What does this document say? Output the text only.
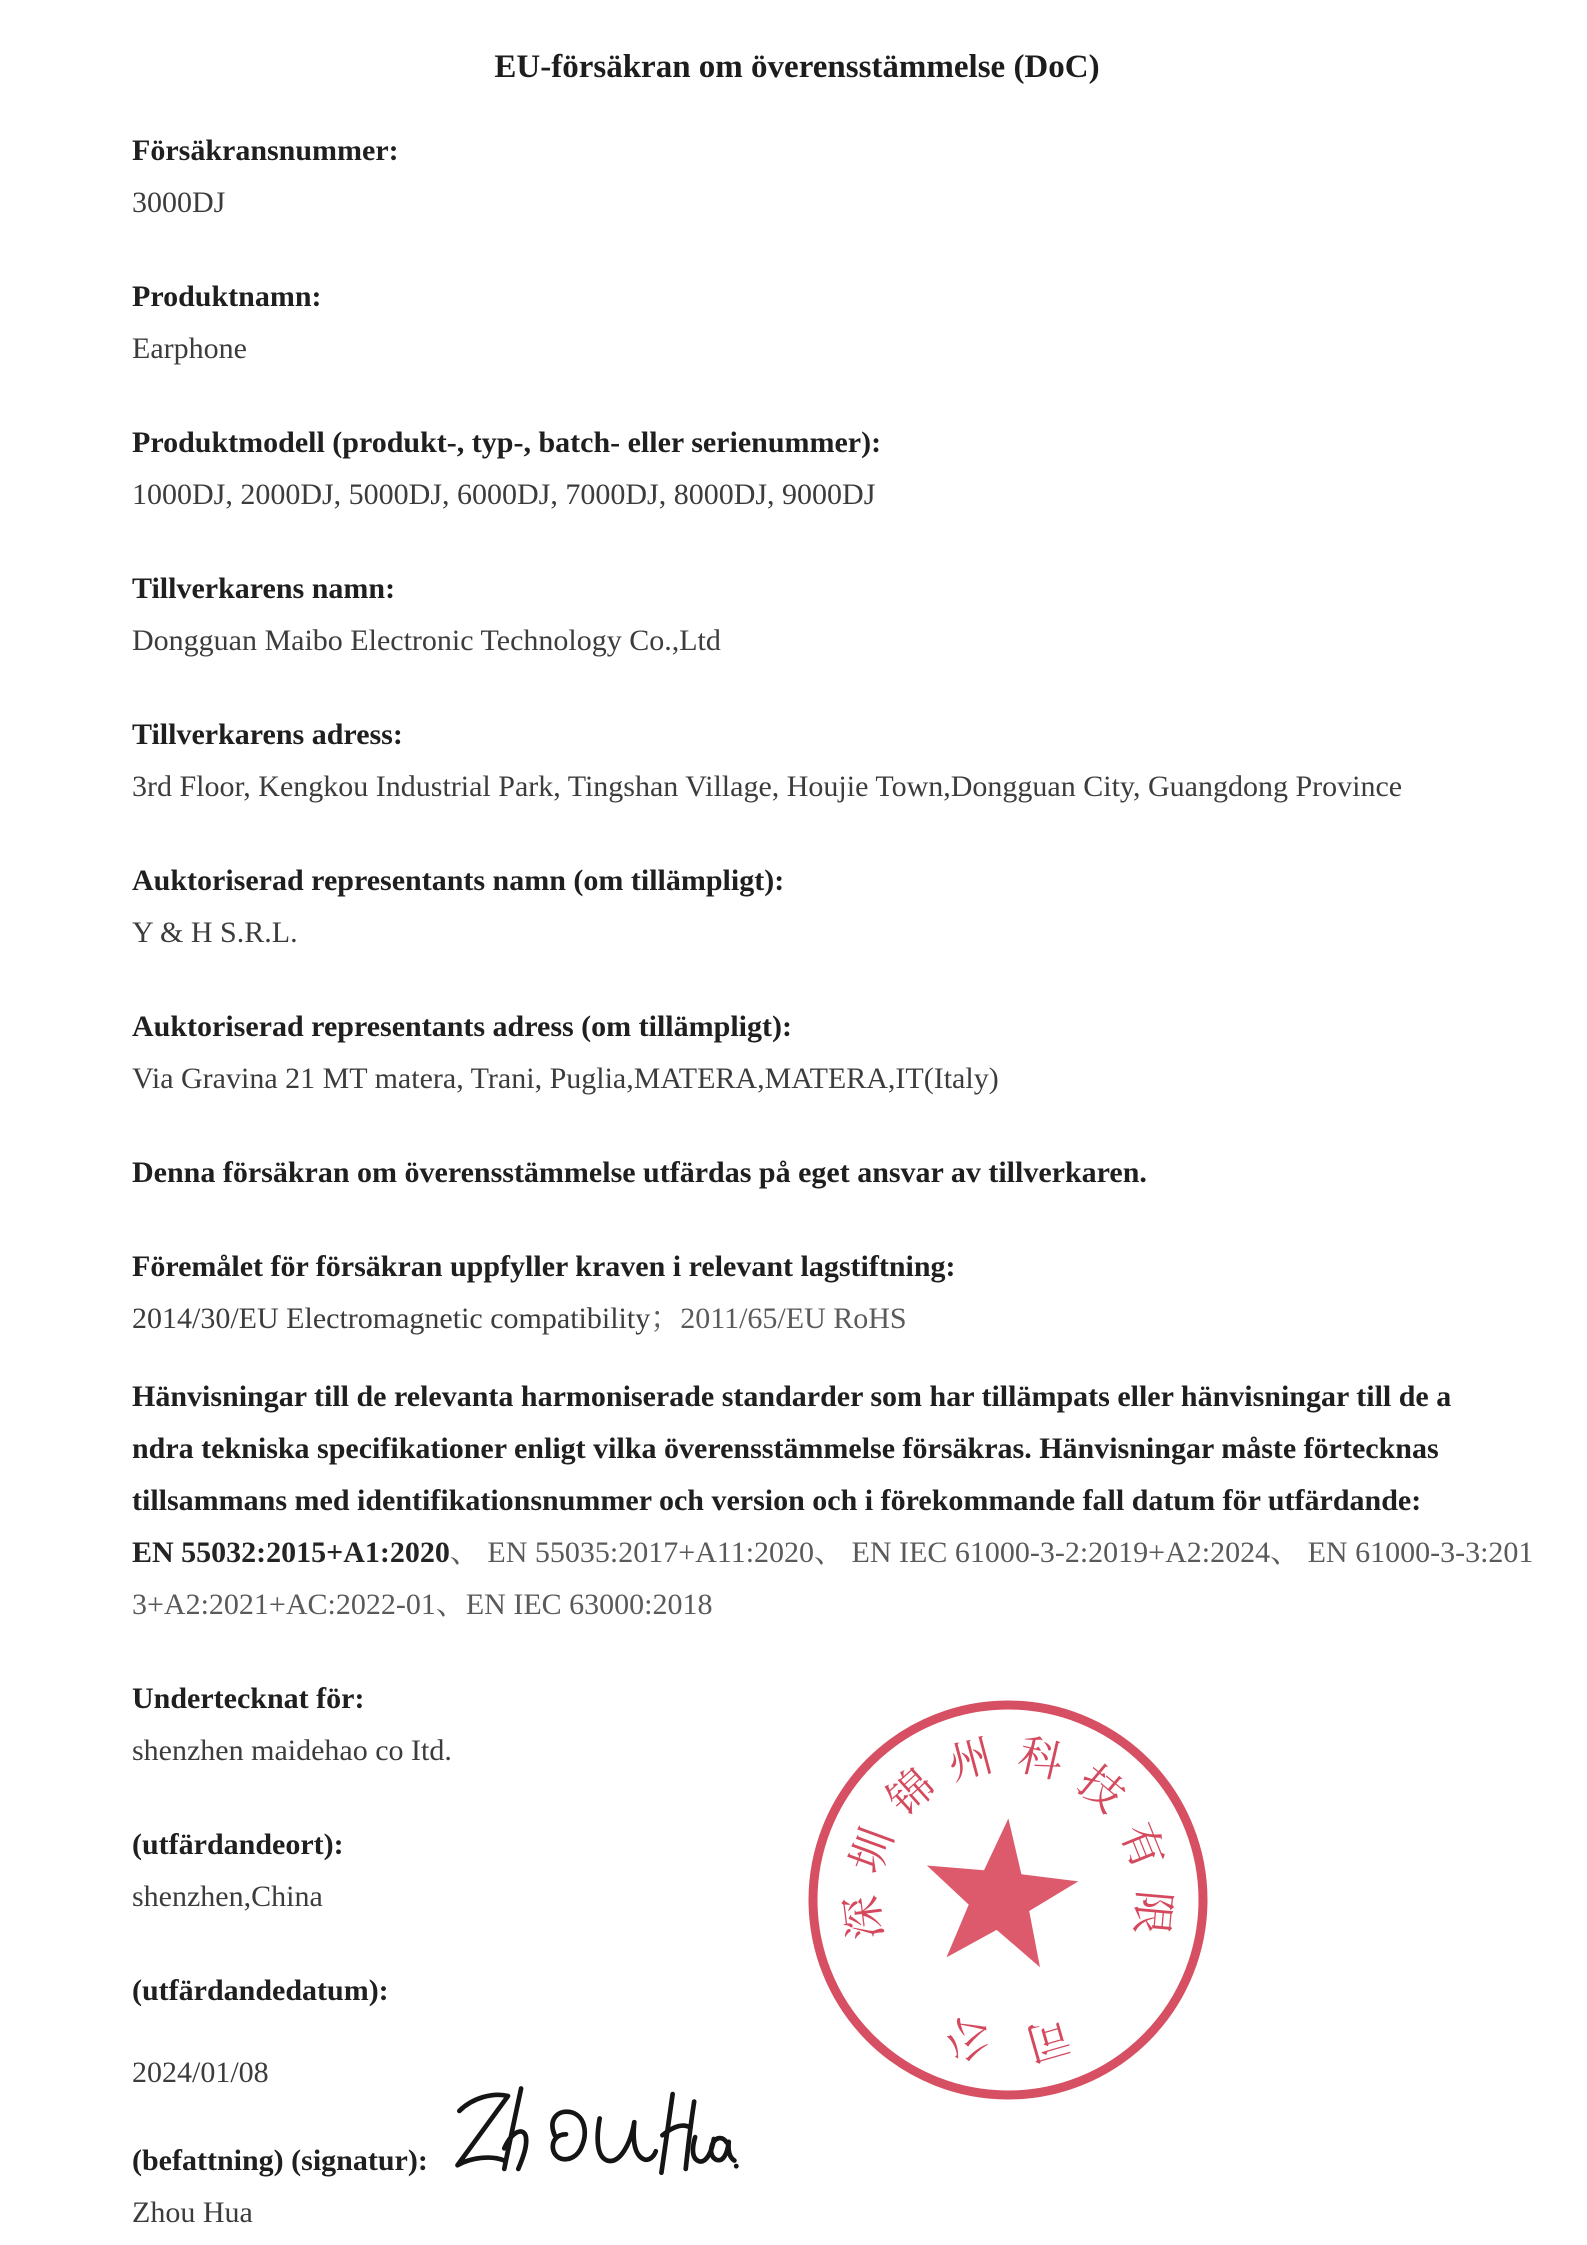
EU-försäkran om överensstämmelse (DoC)
Försäkransnummer:
3000DJ
Produktnamn:
Earphone
Produktmodell (produkt-, typ-, batch- eller serienummer):
1000DJ, 2000DJ, 5000DJ, 6000DJ, 7000DJ, 8000DJ, 9000DJ
Tillverkarens namn:
Dongguan Maibo Electronic Technology Co.,Ltd
Tillverkarens adress:
3rd Floor, Kengkou Industrial Park, Tingshan Village, Houjie Town,Dongguan City, Guangdong Province
Auktoriserad representants namn (om tillämpligt):
Y & H S.R.L.
Auktoriserad representants adress (om tillämpligt):
Via Gravina 21 MT matera, Trani, Puglia,MATERA,MATERA,IT(Italy)
Denna försäkran om överensstämmelse utfärdas på eget ansvar av tillverkaren.
Föremålet för försäkran uppfyller kraven i relevant lagstiftning:
2014/30/EU Electromagnetic compatibility；2011/65/EU RoHS
Hänvisningar till de relevanta harmoniserade standarder som har tillämpats eller hänvisningar till de a
ndra tekniska specifikationer enligt vilka överensstämmelse försäkras. Hänvisningar måste förtecknas
tillsammans med identifikationsnummer och version och i förekommande fall datum för utfärdande:
EN 55032:2015+A1:2020、 EN 55035:2017+A11:2020、 EN IEC 61000-3-2:2019+A2:2024、 EN 61000-3-3:201
3+A2:2021+AC:2022-01、EN IEC 63000:2018
Undertecknat för:
shenzhen maidehao co Itd.
(utfärdandeort):
shenzhen,China
(utfärdandedatum):
2024/01/08
(befattning) (signatur):
Zhou Hua
深
圳
锦
州 科 技
有
限
公 司
